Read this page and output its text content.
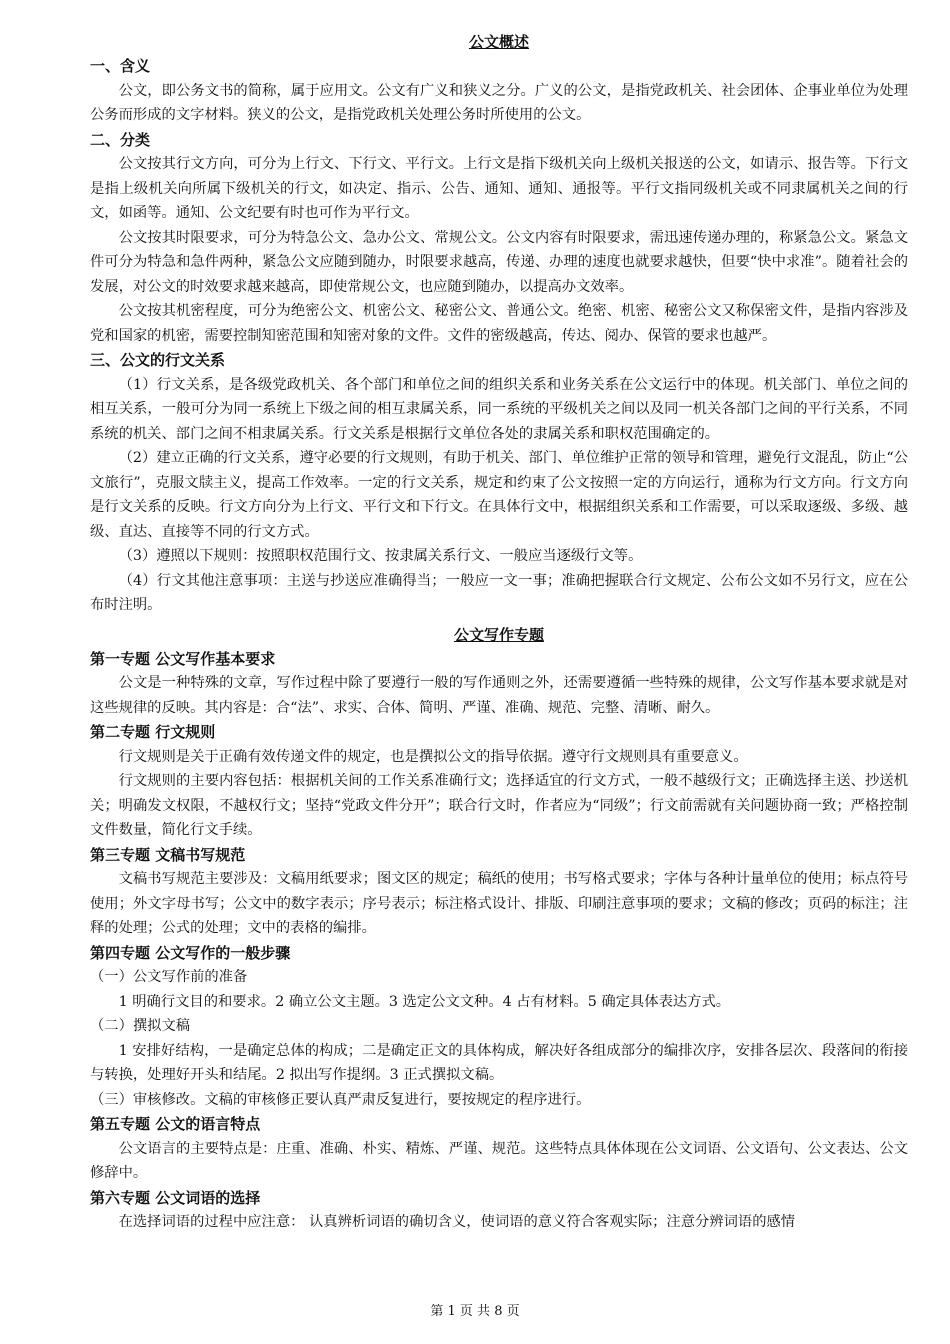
公文概述

一、含义

公文，即公务文书的简称，属于应用文。公文有广义和狭义之分。广义的公文，是指党政机关、社会团体、企事业单位为处理公务而形成的文字材料。狭义的公文，是指党政机关处理公务时所使用的公文。

二、分类

公文按其行文方向，可分为上行文、下行文、平行文。上行文是指下级机关向上级机关报送的公文，如请示、报告等。下行文是指上级机关向所属下级机关的行文，如决定、指示、公告、通知、通知、通报等。平行文指同级机关或不同隶属机关之间的行文，如函等。通知、公文纪要有时也可作为平行文。

公文按其时限要求，可分为特急公文、急办公文、常规公文。公文内容有时限要求，需迅速传递办理的，称紧急公文。紧急文件可分为特急和急件两种，紧急公文应随到随办，时限要求越高，传递、办理的速度也就要求越快，但要“快中求准”。随着社会的发展，对公文的时效要求越来越高，即使常规公文，也应随到随办，以提高办文效率。

公文按其机密程度，可分为绝密公文、机密公文、秘密公文、普通公文。绝密、机密、秘密公文又称保密文件，是指内容涉及党和国家的机密，需要控制知密范围和知密对象的文件。文件的密级越高，传达、阅办、保管的要求也越严。

三、公文的行文关系

（1）行文关系，是各级党政机关、各个部门和单位之间的组织关系和业务关系在公文运行中的体现。机关部门、单位之间的相互关系，一般可分为同一系统上下级之间的相互隶属关系，同一系统的平级机关之间以及同一机关各部门之间的平行关系，不同系统的机关、部门之间不相隶属关系。行文关系是根据行文单位各处的隶属关系和职权范围确定的。

（2）建立正确的行文关系，遵守必要的行文规则，有助于机关、部门、单位维护正常的领导和管理，避免行文混乱，防止“公文旅行”，克服文牍主义，提高工作效率。一定的行文关系，规定和约束了公文按照一定的方向运行，通称为行文方向。行文方向是行文关系的反映。行文方向分为上行文、平行文和下行文。在具体行文中，根据组织关系和工作需要，可以采取逐级、多级、越级、直达、直接等不同的行文方式。

（3）遵照以下规则：按照职权范围行文、按隶属关系行文、一般应当逐级行文等。

（4）行文其他注意事项：主送与抄送应准确得当；一般应一文一事；准确把握联合行文规定、公布公文如不另行文，应在公布时注明。

公文写作专题

第一专题 公文写作基本要求

公文是一种特殊的文章，写作过程中除了要遵行一般的写作通则之外，还需要遵循一些特殊的规律，公文写作基本要求就是对这些规律的反映。其内容是：合“法”、求实、合体、简明、严谨、准确、规范、完整、清晰、耐久。

第二专题 行文规则

行文规则是关于正确有效传递文件的规定，也是撰拟公文的指导依据。遵守行文规则具有重要意义。

行文规则的主要内容包括：根据机关间的工作关系准确行文；选择适宜的行文方式，一般不越级行文；正确选择主送、抄送机关；明确发文权限，不越权行文；坚持“党政文件分开”；联合行文时，作者应为“同级”；行文前需就有关问题协商一致；严格控制文件数量，简化行文手续。

第三专题 文稿书写规范

文稿书写规范主要涉及：文稿用纸要求；图文区的规定；稿纸的使用；书写格式要求；字体与各种计量单位的使用；标点符号使用；外文字母书写；公文中的数字表示；序号表示；标注格式设计、排版、印刷注意事项的要求；文稿的修改；页码的标注；注释的处理；公式的处理；文中的表格的编排。

第四专题 公文写作的一般步骤

（一）公文写作前的准备

1 明确行文目的和要求。2 确立公文主题。3 选定公文文种。4 占有材料。5 确定具体表达方式。

（二）撰拟文稿

1 安排好结构，一是确定总体的构成；二是确定正文的具体构成，解决好各组成部分的编排次序，安排各层次、段落间的衔接与转换，处理好开头和结尾。2 拟出写作提纲。3 正式撰拟文稿。

（三）审核修改。文稿的审核修正要认真严肃反复进行，要按规定的程序进行。

第五专题 公文的语言特点

公文语言的主要特点是：庄重、准确、朴实、精炼、严谨、规范。这些特点具体体现在公文词语、公文语句、公文表达、公文修辞中。

第六专题 公文词语的选择

在选择词语的过程中应注意： 认真辨析词语的确切含义，使词语的意义符合客观实际；注意分辨词语的感情

第 1 页 共 8 页
